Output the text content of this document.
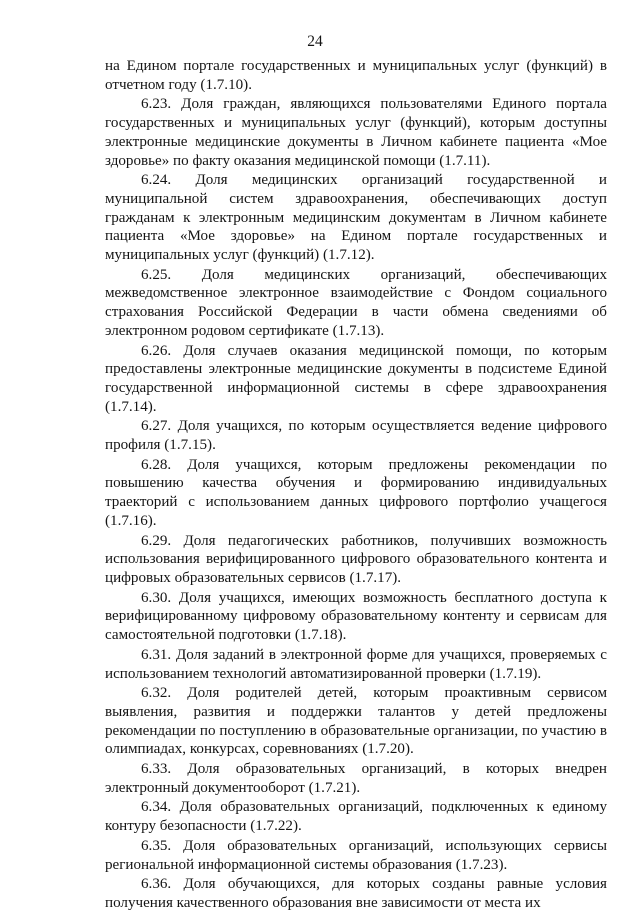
24

на Едином портале государственных и муниципальных услуг (функций) в отчетном году (1.7.10).

6.23. Доля граждан, являющихся пользователями Единого портала государственных и муниципальных услуг (функций), которым доступны электронные медицинские документы в Личном кабинете пациента «Мое здоровье» по факту оказания медицинской помощи (1.7.11).

6.24. Доля медицинских организаций государственной и муниципальной систем здравоохранения, обеспечивающих доступ гражданам к электронным медицинским документам в Личном кабинете пациента «Мое здоровье» на Едином портале государственных и муниципальных услуг (функций) (1.7.12).

6.25. Доля медицинских организаций, обеспечивающих межведомственное электронное взаимодействие с Фондом социального страхования Российской Федерации в части обмена сведениями об электронном родовом сертификате (1.7.13).

6.26. Доля случаев оказания медицинской помощи, по которым предоставлены электронные медицинские документы в подсистеме Единой государственной информационной системы в сфере здравоохранения (1.7.14).

6.27. Доля учащихся, по которым осуществляется ведение цифрового профиля (1.7.15).

6.28. Доля учащихся, которым предложены рекомендации по повышению качества обучения и формированию индивидуальных траекторий с использованием данных цифрового портфолио учащегося (1.7.16).

6.29. Доля педагогических работников, получивших возможность использования верифицированного цифрового образовательного контента и цифровых образовательных сервисов (1.7.17).

6.30. Доля учащихся, имеющих возможность бесплатного доступа к верифицированному цифровому образовательному контенту и сервисам для самостоятельной подготовки (1.7.18).

6.31. Доля заданий в электронной форме для учащихся, проверяемых с использованием технологий автоматизированной проверки (1.7.19).

6.32. Доля родителей детей, которым проактивным сервисом выявления, развития и поддержки талантов у детей предложены рекомендации по поступлению в образовательные организации, по участию в олимпиадах, конкурсах, соревнованиях (1.7.20).

6.33. Доля образовательных организаций, в которых внедрен электронный документооборот (1.7.21).

6.34. Доля образовательных организаций, подключенных к единому контуру безопасности (1.7.22).

6.35. Доля образовательных организаций, использующих сервисы региональной информационной системы образования (1.7.23).

6.36. Доля обучающихся, для которых созданы равные условия получения качественного образования вне зависимости от места их
